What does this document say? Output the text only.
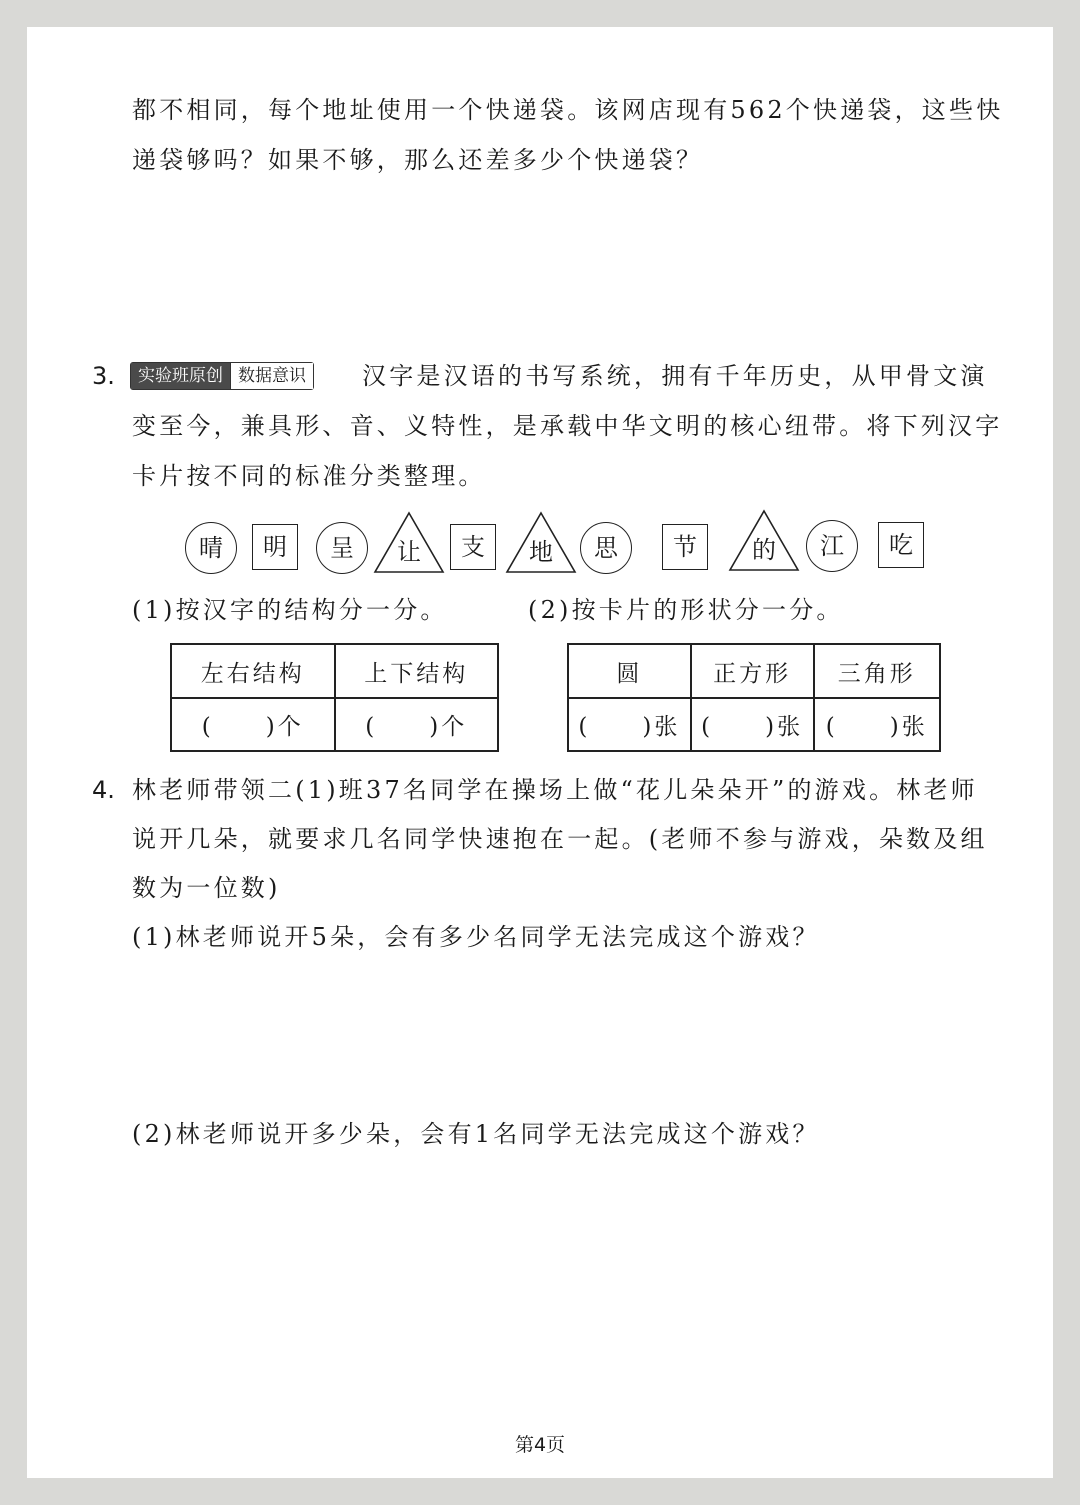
都不相同，每个地址使用一个快递袋。该网店现有562个快递袋，这些快
递袋够吗？如果不够，那么还差多少个快递袋？
3.	实验班原创 数据意识 汉字是汉语的书写系统，拥有千年历史，从甲骨文演
变至今，兼具形、音、义特性，是承载中华文明的核心纽带。将下列汉字
卡片按不同的标准分类整理。
晴 明 呈 让 支 地 思 节 的 江 吃
(1)按汉字的结构分一分。	(2)按卡片的形状分一分。
左右结构	上下结构
(　　)个	(　　)个
圆	正方形	三角形
(　　)张	(　　)张	(　　)张
4. 林老师带领二(1)班37名同学在操场上做“花儿朵朵开”的游戏。林老师
说开几朵，就要求几名同学快速抱在一起。(老师不参与游戏，朵数及组
数为一位数)
(1)林老师说开5朵，会有多少名同学无法完成这个游戏？
(2)林老师说开多少朵，会有1名同学无法完成这个游戏？
第4页
